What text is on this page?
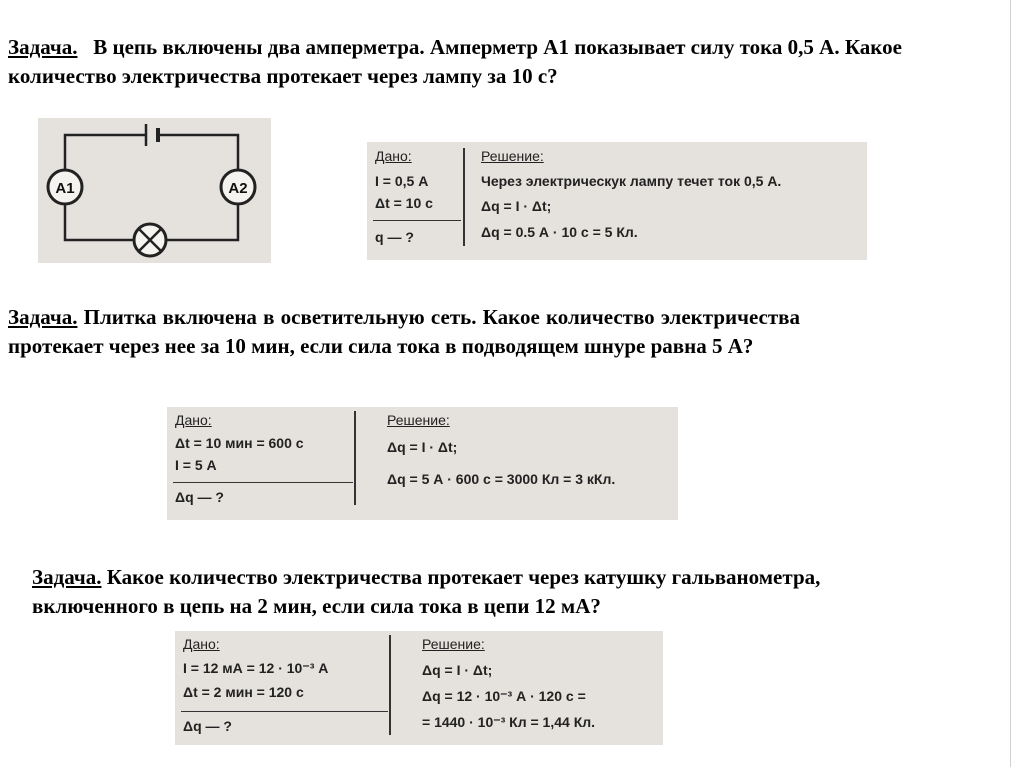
Задача. В цепь включены два амперметра. Амперметр А1 показывает силу тока 0,5 А. Какое количество электричества протекает через лампу за 10 с?
A1	A2
Дано:
I = 0,5 А
Δt = 10 с
q — ?
Решение:
Через электрическук лампу течет ток 0,5 А.
Δq = I · Δt;
Δq = 0.5 А · 10 с = 5 Кл.
Задача. Плитка включена в осветительную сеть. Какое количество электричества протекает через нее за 10 мин, если сила тока в подводящем шнуре равна 5 А?
Дано:
Δt = 10 мин = 600 с
I = 5 А
Δq — ?
Решение:
Δq = I · Δt;
Δq = 5 А · 600 с = 3000 Кл = 3 кКл.
Задача. Какое количество электричества протекает через катушку гальванометра, включенного в цепь на 2 мин, если сила тока в цепи 12 мА?
Дано:
I = 12 мА = 12 · 10⁻³ А
Δt = 2 мин = 120 с
Δq — ?
Решение:
Δq = I · Δt;
Δq = 12 · 10⁻³ А · 120 с =
= 1440 · 10⁻³ Кл = 1,44 Кл.
